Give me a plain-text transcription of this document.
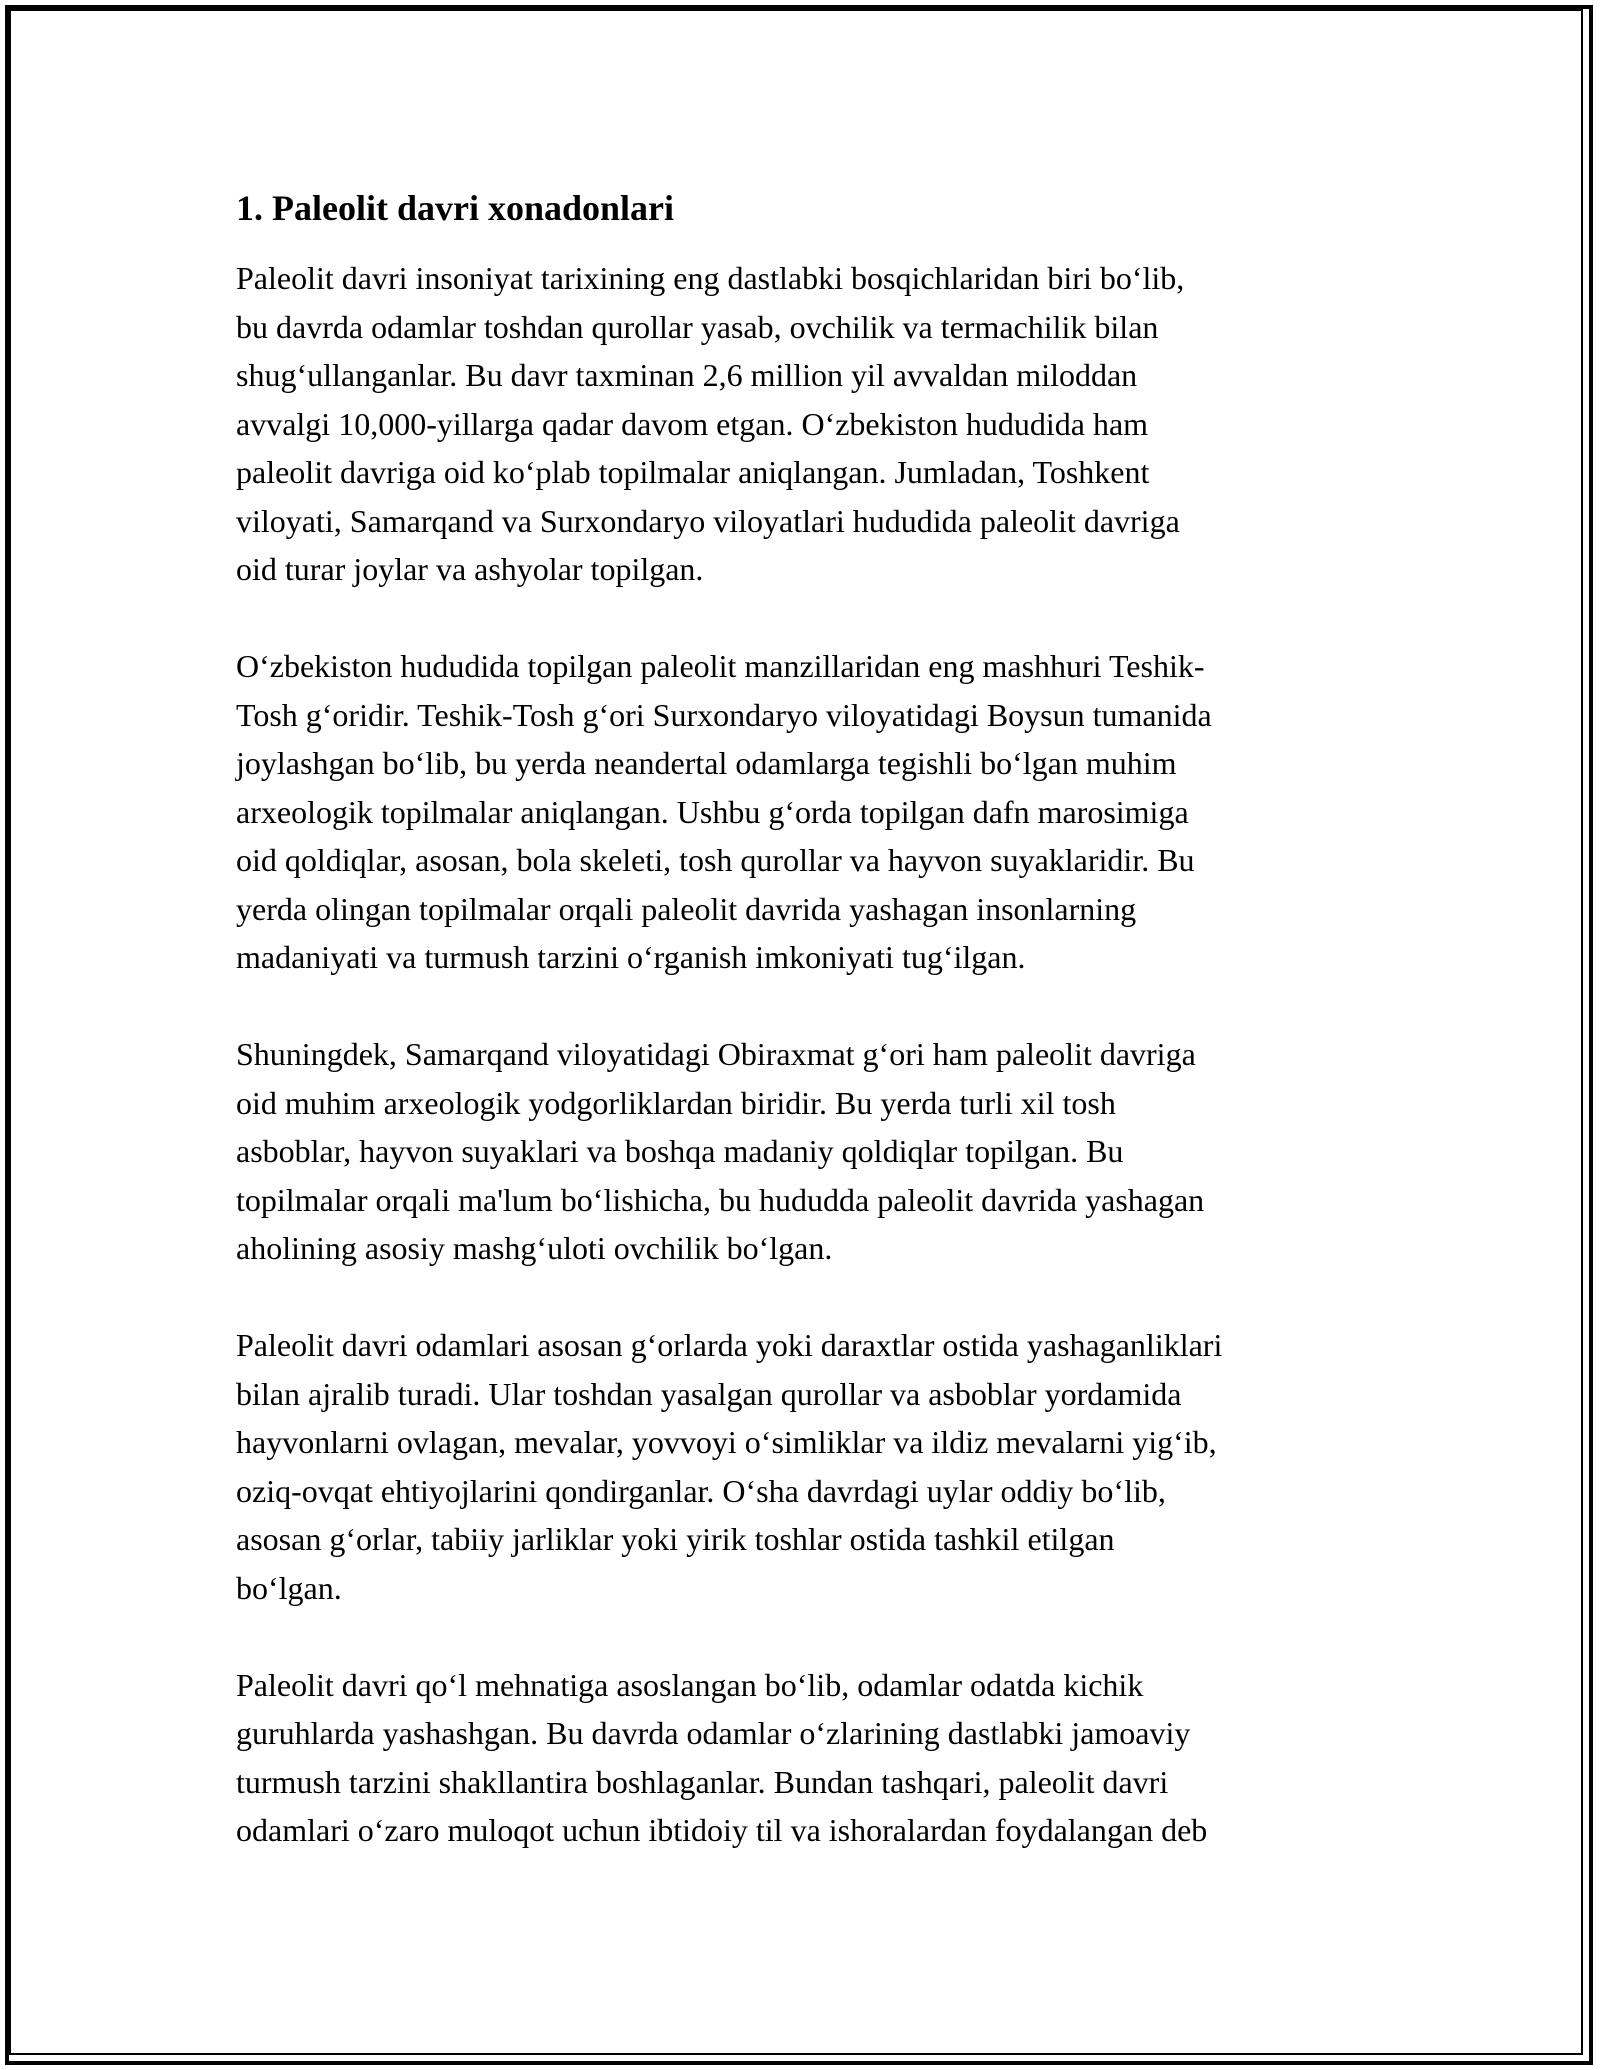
1. Paleolit davri xonadonlari

Paleolit davri insoniyat tarixining eng dastlabki bosqichlaridan biri bo‘lib,
bu davrda odamlar toshdan qurollar yasab, ovchilik va termachilik bilan
shug‘ullanganlar. Bu davr taxminan 2,6 million yil avvaldan miloddan
avvalgi 10,000-yillarga qadar davom etgan. O‘zbekiston hududida ham
paleolit davriga oid ko‘plab topilmalar aniqlangan. Jumladan, Toshkent
viloyati, Samarqand va Surxondaryo viloyatlari hududida paleolit davriga
oid turar joylar va ashyolar topilgan.

O‘zbekiston hududida topilgan paleolit manzillaridan eng mashhuri Teshik-
Tosh g‘oridir. Teshik-Tosh g‘ori Surxondaryo viloyatidagi Boysun tumanida
joylashgan bo‘lib, bu yerda neandertal odamlarga tegishli bo‘lgan muhim
arxeologik topilmalar aniqlangan. Ushbu g‘orda topilgan dafn marosimiga
oid qoldiqlar, asosan, bola skeleti, tosh qurollar va hayvon suyaklaridir. Bu
yerda olingan topilmalar orqali paleolit davrida yashagan insonlarning
madaniyati va turmush tarzini o‘rganish imkoniyati tug‘ilgan.

Shuningdek, Samarqand viloyatidagi Obiraxmat g‘ori ham paleolit davriga
oid muhim arxeologik yodgorliklardan biridir. Bu yerda turli xil tosh
asboblar, hayvon suyaklari va boshqa madaniy qoldiqlar topilgan. Bu
topilmalar orqali ma'lum bo‘lishicha, bu hududda paleolit davrida yashagan
aholining asosiy mashg‘uloti ovchilik bo‘lgan.

Paleolit davri odamlari asosan g‘orlarda yoki daraxtlar ostida yashaganliklari
bilan ajralib turadi. Ular toshdan yasalgan qurollar va asboblar yordamida
hayvonlarni ovlagan, mevalar, yovvoyi o‘simliklar va ildiz mevalarni yig‘ib,
oziq-ovqat ehtiyojlarini qondirganlar. O‘sha davrdagi uylar oddiy bo‘lib,
asosan g‘orlar, tabiiy jarliklar yoki yirik toshlar ostida tashkil etilgan
bo‘lgan.

Paleolit davri qo‘l mehnatiga asoslangan bo‘lib, odamlar odatda kichik
guruhlarda yashashgan. Bu davrda odamlar o‘zlarining dastlabki jamoaviy
turmush tarzini shakllantira boshlaganlar. Bundan tashqari, paleolit davri
odamlari o‘zaro muloqot uchun ibtidoiy til va ishoralardan foydalangan deb
